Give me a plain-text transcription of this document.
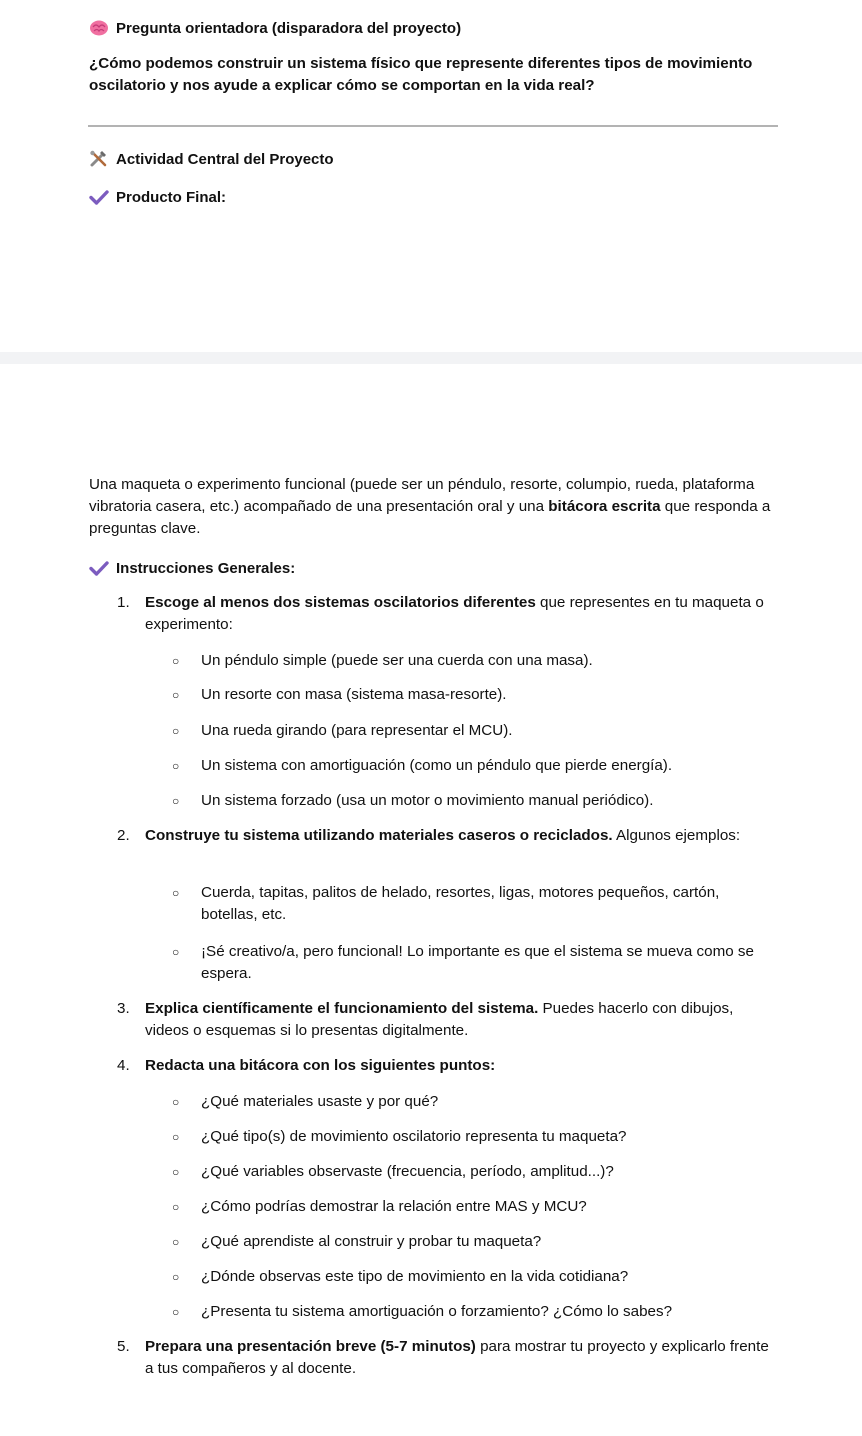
Pregunta orientadora (disparadora del proyecto)
¿Cómo podemos construir un sistema físico que represente diferentes tipos de movimiento oscilatorio y nos ayude a explicar cómo se comportan en la vida real?
Actividad Central del Proyecto
Producto Final:
Una maqueta o experimento funcional (puede ser un péndulo, resorte, columpio, rueda, plataforma vibratoria casera, etc.) acompañado de una presentación oral y una bitácora escrita que responda a preguntas clave.
Instrucciones Generales:
1. Escoge al menos dos sistemas oscilatorios diferentes que representes en tu maqueta o experimento:
○ Un péndulo simple (puede ser una cuerda con una masa).
○ Un resorte con masa (sistema masa-resorte).
○ Una rueda girando (para representar el MCU).
○ Un sistema con amortiguación (como un péndulo que pierde energía).
○ Un sistema forzado (usa un motor o movimiento manual periódico).
2. Construye tu sistema utilizando materiales caseros o reciclados. Algunos ejemplos:
○ Cuerda, tapitas, palitos de helado, resortes, ligas, motores pequeños, cartón, botellas, etc.
○ ¡Sé creativo/a, pero funcional! Lo importante es que el sistema se mueva como se espera.
3. Explica científicamente el funcionamiento del sistema. Puedes hacerlo con dibujos, videos o esquemas si lo presentas digitalmente.
4. Redacta una bitácora con los siguientes puntos:
○ ¿Qué materiales usaste y por qué?
○ ¿Qué tipo(s) de movimiento oscilatorio representa tu maqueta?
○ ¿Qué variables observaste (frecuencia, período, amplitud...)?
○ ¿Cómo podrías demostrar la relación entre MAS y MCU?
○ ¿Qué aprendiste al construir y probar tu maqueta?
○ ¿Dónde observas este tipo de movimiento en la vida cotidiana?
○ ¿Presenta tu sistema amortiguación o forzamiento? ¿Cómo lo sabes?
5. Prepara una presentación breve (5-7 minutos) para mostrar tu proyecto y explicarlo frente a tus compañeros y al docente.
